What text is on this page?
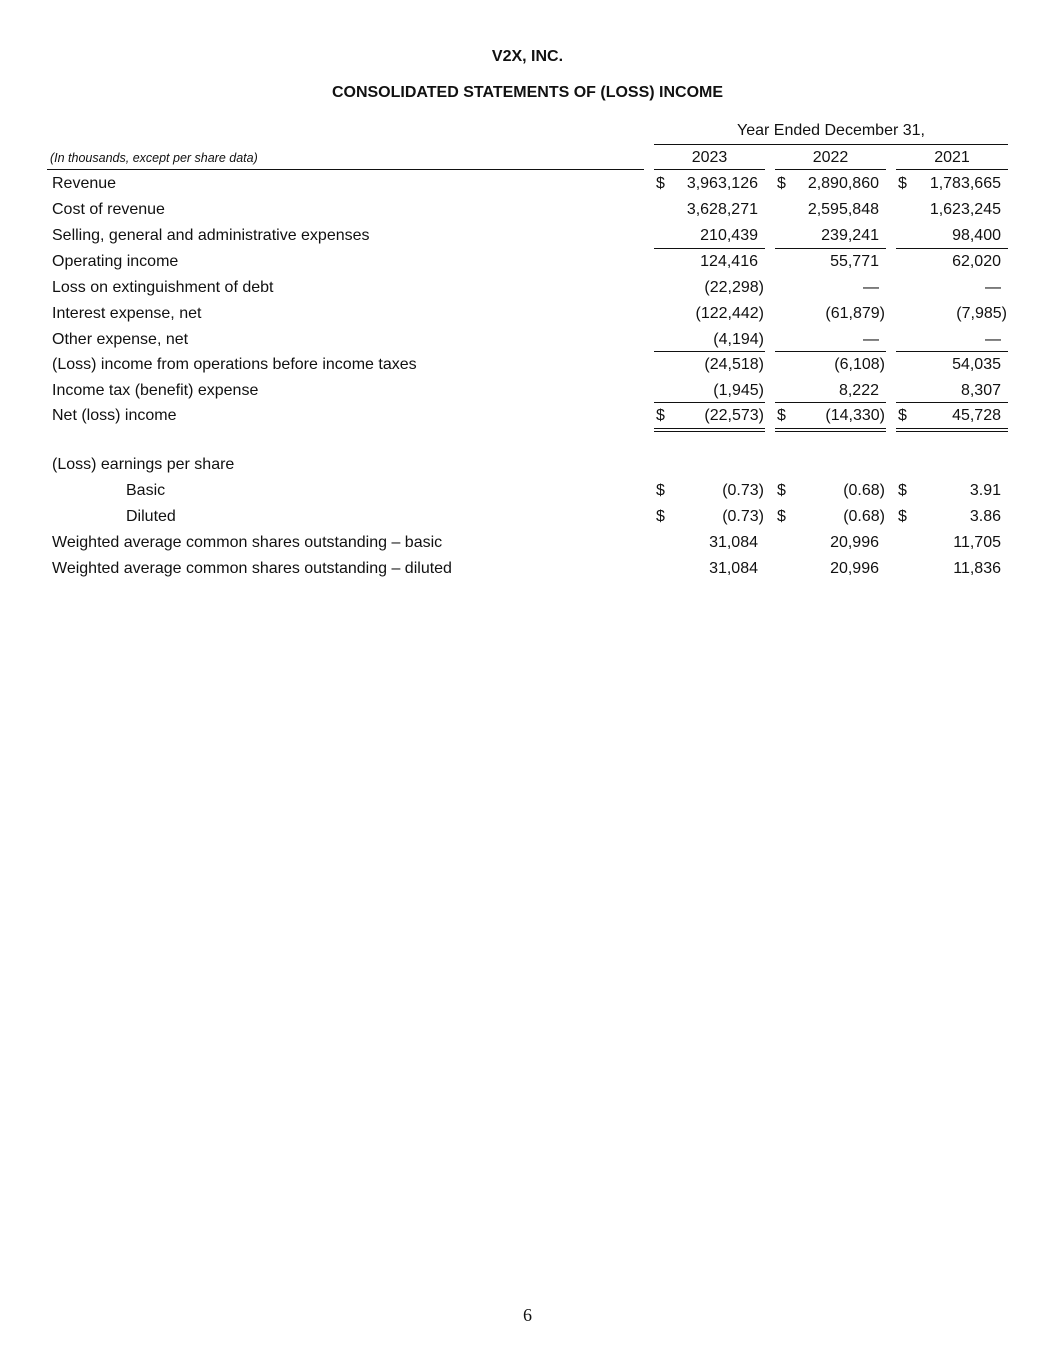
V2X, INC.
CONSOLIDATED STATEMENTS OF (LOSS) INCOME
Year Ended December 31,
(In thousands, except per share data)	2023	2022	2021
Revenue	$ 3,963,126 $ 2,890,860 $ 1,783,665
Cost of revenue	3,628,271	2,595,848	1,623,245
Selling, general and administrative expenses	210,439	239,241	98,400
Operating income	124,416	55,771	62,020
Loss on extinguishment of debt	(22,298)	—	—
Interest expense, net	(122,442)	(61,879)	(7,985)
Other expense, net	(4,194)	—	—
(Loss) income from operations before income taxes	(24,518)	(6,108)	54,035
Income tax (benefit) expense	(1,945)	8,222	8,307
Net (loss) income	$ (22,573) $ (14,330) $	45,728
(Loss) earnings per share
Basic	$	(0.73) $	(0.68) $	3.91
Diluted	$	(0.73) $	(0.68) $	3.86
Weighted average common shares outstanding – basic	31,084	20,996	11,705
Weighted average common shares outstanding – diluted	31,084	20,996	11,836
6
